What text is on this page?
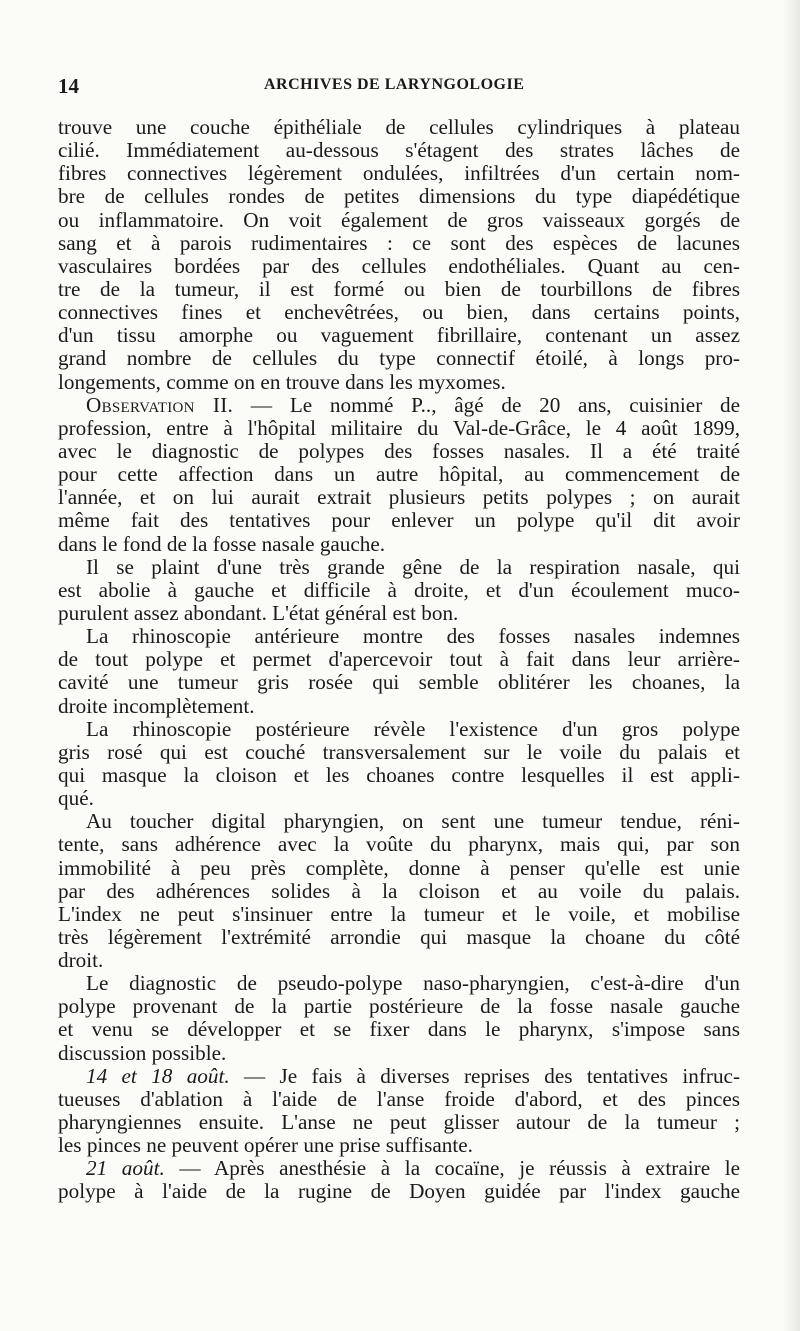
14	ARCHIVES DE LARYNGOLOGIE
trouve une couche épithéliale de cellules cylindriques à plateau
cilié. Immédiatement au-dessous s'étagent des strates lâches de
fibres connectives légèrement ondulées, infiltrées d'un certain nom-
bre de cellules rondes de petites dimensions du type diapédétique
ou inflammatoire. On voit également de gros vaisseaux gorgés de
sang et à parois rudimentaires : ce sont des espèces de lacunes
vasculaires bordées par des cellules endothéliales. Quant au cen-
tre de la tumeur, il est formé ou bien de tourbillons de fibres
connectives fines et enchevêtrées, ou bien, dans certains points,
d'un tissu amorphe ou vaguement fibrillaire, contenant un assez
grand nombre de cellules du type connectif étoilé, à longs pro-
longements, comme on en trouve dans les myxomes.
Observation II. — Le nommé P.., âgé de 20 ans, cuisinier de
profession, entre à l'hôpital militaire du Val-de-Grâce, le 4 août 1899,
avec le diagnostic de polypes des fosses nasales. Il a été traité
pour cette affection dans un autre hôpital, au commencement de
l'année, et on lui aurait extrait plusieurs petits polypes ; on aurait
même fait des tentatives pour enlever un polype qu'il dit avoir
dans le fond de la fosse nasale gauche.
Il se plaint d'une très grande gêne de la respiration nasale, qui
est abolie à gauche et difficile à droite, et d'un écoulement muco-
purulent assez abondant. L'état général est bon.
La rhinoscopie antérieure montre des fosses nasales indemnes
de tout polype et permet d'apercevoir tout à fait dans leur arrière-
cavité une tumeur gris rosée qui semble oblitérer les choanes, la
droite incomplètement.
La rhinoscopie postérieure révèle l'existence d'un gros polype
gris rosé qui est couché transversalement sur le voile du palais et
qui masque la cloison et les choanes contre lesquelles il est appli-
qué.
Au toucher digital pharyngien, on sent une tumeur tendue, réni-
tente, sans adhérence avec la voûte du pharynx, mais qui, par son
immobilité à peu près complète, donne à penser qu'elle est unie
par des adhérences solides à la cloison et au voile du palais.
L'index ne peut s'insinuer entre la tumeur et le voile, et mobilise
très légèrement l'extrémité arrondie qui masque la choane du côté
droit.
Le diagnostic de pseudo-polype naso-pharyngien, c'est-à-dire d'un
polype provenant de la partie postérieure de la fosse nasale gauche
et venu se développer et se fixer dans le pharynx, s'impose sans
discussion possible.
14 et 18 août. — Je fais à diverses reprises des tentatives infruc-
tueuses d'ablation à l'aide de l'anse froide d'abord, et des pinces
pharyngiennes ensuite. L'anse ne peut glisser autour de la tumeur ;
les pinces ne peuvent opérer une prise suffisante.
21 août. — Après anesthésie à la cocaïne, je réussis à extraire le
polype à l'aide de la rugine de Doyen guidée par l'index gauche
